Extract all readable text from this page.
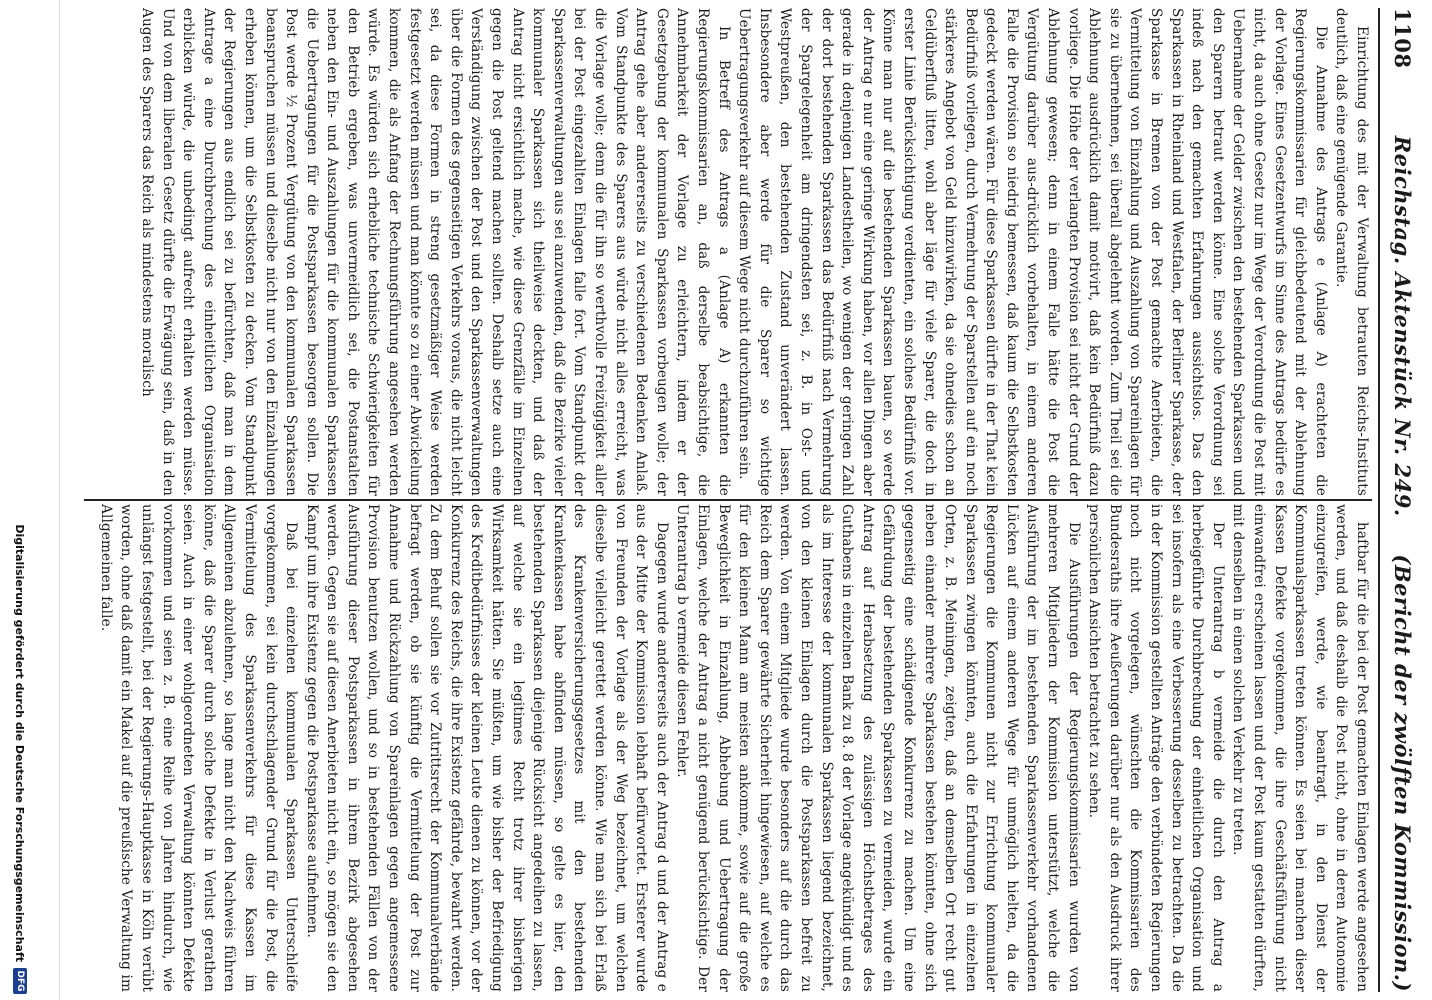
1108
Reichstag. Aktenstück Nr. 249.
(Bericht der zwölften Kommission.)

Einrichtung des mit der Verwaltung betrauten Reichs-Instituts deutlich, daß eine genügende Garantie.

Die Annahme des Antrags e (Anlage A) erachteten die Regierungskommissarien für gleichbedeutend mit der Ablehnung der Vorlage. Eines Gesetzentwurfs im Sinne des Antrags bedürfe es nicht, da auch ohne Gesetz nur im Wege der Verordnung die Post mit Uebernahme der Gelder zwischen den bestehenden Sparkassen und den Sparern betraut werden könne. Eine solche Verordnung sei indeß nach den gemachten Erfahrungen aussichtslos. Das den Sparkassen in Rheinland und Westfalen, der Berliner Sparkasse, der Sparkasse in Bremen von der Post gemachte Anerbieten, die Vermittelung von Einzahlung und Auszahlung von Spareinlagen für sie zu übernehmen, sei überall abgelehnt worden. Zum Theil sei die Ablehnung ausdrücklich damit motivirt, daß kein Bedürfniß dazu vorliege. Die Höhe der verlangten Provision sei nicht der Grund der Ablehnung gewesen; denn in einem Falle hätte die Post die Vergütung darüber aus-drücklich vorbehalten, in einem anderen Falle die Provision so niedrig bemessen, daß kaum die Selbstkosten gedeckt werden wären. Für diese Sparkassen dürfte in der That kein Bedürfniß vorliegen, durch Vermehrung der Sparstellen auf ein noch stärkeres Angebot von Geld hinzuwirken, da sie ohnedies schon an Geldüberfluß litten, wohl aber läge für viele Sparer, die doch in erster Linie Berücksichtigung verdienten, ein solches Bedürfniß vor. Könne man nur auf die bestehenden Sparkassen bauen, so werde der Antrag e nur eine geringe Wirkung haben, vor allen Dingen aber gerade in denjenigen Landestheilen, wo wenigen der geringen Zahl der dort bestehenden Sparkassen das Bedürfniß nach Vermehrung der Spargelegenheit am dringendsten sei, z. B. in Ost- und Westpreußen, den bestehenden Zustand unverändert lassen. Insbesondere aber werde für die Sparer so wichtige Uebertragungsverkehr auf diesem Wege nicht durchzuführen sein.

In Betreff des Antrags a (Anlage A) erkannten die Regierungskommissarien an, daß derselbe beabsichtige, die Annehmbarkeit der Vorlage zu erleichtern, indem er der Gesetzgebung der kommunalen Sparkassen vorbeugen wolle; der Antrag gehe aber andererseits zu verschiedenen Bedenken Anlaß. Vom Standpunkte des Sparers aus würde nicht alles erreicht, was die Vorlage wolle; denn die für ihn so werthvolle Freizügigkeit aller bei der Post eingezahlten Einlagen falle fort. Vom Standpunkt der Sparkassenverwaltungen aus sei anzuwenden, daß die Bezirke vieler kommunaler Sparkassen sich theilweise deckten, und daß der Antrag nicht ersichtlich mache, wie diese Grenzfälle im Einzelnen gegen die Post geltend machen sollten. Deshalb setze auch eine Verständigung zwischen der Post und den Sparkassenverwaltungen über die Formen des gegenseitigen Verkehrs voraus, die nicht leicht sei, da diese Formen in streng gesetzmäßiger Weise werden festgesetzt werden müssen und man könnte so zu einer Abwickelung kommen, die als Anfang der Rechnungsführung angesehen werden würde. Es würden sich erhebliche technische Schwierigkeiten für den Betrieb ergeben, was unvermeidlich sei, die Postanstalten neben den Ein- und Auszahlungen für die kommunalen Sparkassen die Uebertragungen für die Postsparkassen besorgen sollen. Die Post werde ½ Prozent Vergütung von den kommunalen Sparkassen beanspruchen müssen und dieselbe nicht nur von den Einzahlungen erheben können, um die Selbstkosten zu decken. Vom Standpunkt der Regierungen aus endlich sei zu befürchten, daß man in dem Antrage a eine Durchbrechung des einheitlichen Organisation erblicken würde, die unbedingt aufrecht erhalten werden müsse. Und von dem liberalen Gesetz dürfte die Erwägung sein, daß in den Augen des Sparers das Reich als mindestens moralisch

haftbar für die bei der Post gemachten Einlagen werde angesehen werden, und daß deshalb die Post nicht, ohne in deren Autonomie einzugreifen, werde, wie beantragt, in den Dienst der Kommunalsparkassen treten können. Es seien bei manchen dieser Kassen Defekte vorgekommen, die ihre Geschäftsführung nicht einwandfrei erscheinen lassen und der Post kaum gestatten dürften, mit denselben in einen solchen Verkehr zu treten.

Der Unterantrag b vermeide die durch den Antrag a herbeigeführte Durchbrechung der einheitlichen Organisation und sei insofern als eine Verbesserung desselben zu betrachten. Da die in der Kommission gestellten Anträge den verbündeten Regierungen noch nicht vorgelegen, wünschten die Kommissarien des Bundesraths ihre Aeußerungen darüber nur als den Ausdruck ihrer persönlichen Ansichten betrachtet zu sehen.

Die Ausführungen der Regierungskommissarien wurden von mehreren Mitgliedern der Kommission unterstützt, welche die Ausführung der im bestehenden Sparkassenverkehr vorhandenen Lücken auf einem anderen Wege für unmöglich hielten, da die Regierungen die Kommunen nicht zur Errichtung kommunaler Sparkassen zwingen könnten, auch die Erfahrungen in einzelnen Orten, z. B. Meiningen, zeigten, daß an demselben Ort recht gut neben einander mehrere Sparkassen bestehen könnten, ohne sich gegenseitig eine schädigende Konkurrenz zu machen. Um eine Gefährdung der bestehenden Sparkassen zu vermeiden, wurde ein Antrag auf Herabsetzung des zulässigen Höchstbetrages des Guthabens in einzelnen Bank zu 8. 8 der Vorlage angekündigt und es als im Interesse der kommunalen Sparkassen liegend bezeichnet, von den kleinen Einlagen durch die Postsparkassen befreit zu werden. Von einem Mitgliede wurde besonders auf die durch das Reich dem Sparer gewährte Sicherheit hingewiesen, auf welche es für den kleinen Mann am meisten ankomme, sowie auf die große Beweglichkeit in Einzahlung, Abhebung und Uebertragung der Einlagen, welche der Antrag a nicht genügend berücksichtige. Der Unterantrag b vermeide diesen Fehler.

Dagegen wurde andererseits auch der Antrag d und der Antrag e aus der Mitte der Kommission lebhaft befürwortet. Ersterer wurde von Freunden der Vorlage als der Weg bezeichnet, um welchen dieselbe vielleicht gerettet werden könne. Wie man sich bei Erlaß des Krankenversicherungsgesetzes mit den bestehenden Krankenkassen habe abfinden müssen, so gelte es hier, den bestehenden Sparkassen diejenige Rücksicht angedeihen zu lassen, auf welche sie ein legitimes Recht trotz ihrer bisherigen Wirksamkeit hätten. Sie müßten, um wie bisher der Befriedigung des Kreditbedürfnisses der kleinen Leute dienen zu können, vor der Konkurrenz des Reichs, die ihre Existenz gefährde, bewahrt werden. Zu dem Behuf sollen sie vor Zutrittsrecht der Kommunalverbände befragt werden, ob sie künftig die Vermittelung der Post zur Annahme und Rückzahlung von Spareinlagen gegen angemessene Provision benutzen wollen, und so in bestehenden Fällen von der Ausführung dieser Postsparkassen in ihrem Bezirk abgesehen werden. Gegen sie auf diesen Anerbieten nicht ein, so mögen sie den Kampf um ihre Existenz gegen die Postsparkasse aufnehmen.

Daß bei einzelnen kommunalen Sparkassen Unterschleife vorgekommen, sei kein durchschlagender Grund für die Post, die Vermittelung des Sparkassenverkehrs für diese Kassen im Allgemeinen abzulehnen, so lange man nicht den Nachweis führen könne, daß die Sparer durch solche Defekte in Verlust gerathen seien. Auch in einer wohlgeordneten Verwaltung könnten Defekte vorkommen und seien z. B. eine Reihe von Jahren hindurch, wie unlängst festgestellt, bei der Regierungs-Hauptkasse in Köln verübt worden, ohne daß damit ein Makel auf die preußische Verwaltung im Allgemeinen falle.

Digitalisierung gefördert durch die Deutsche Forschungsgemeinschaft
DFG
